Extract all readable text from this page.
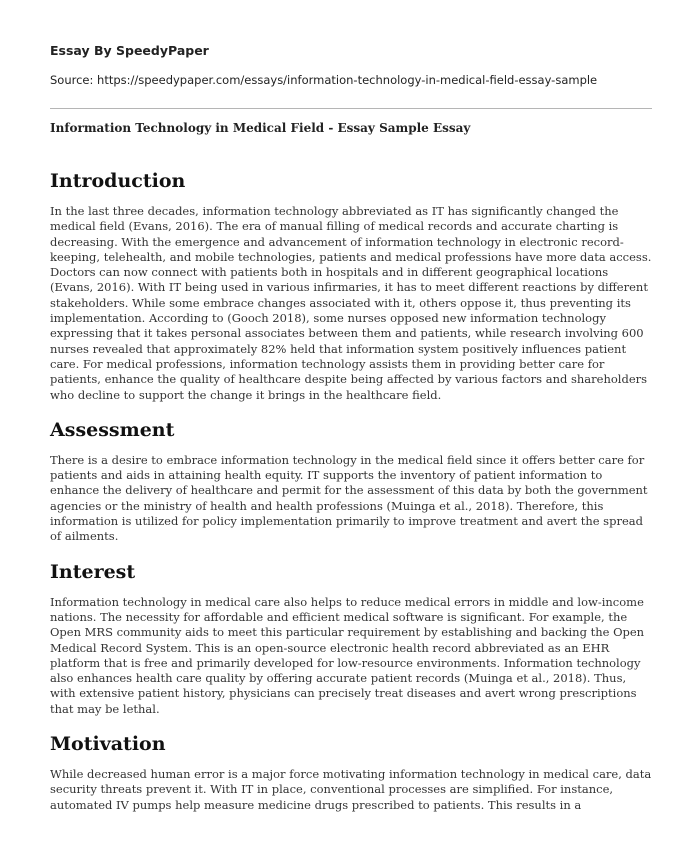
Essay By SpeedyPaper
Source: https://speedypaper.com/essays/information-technology-in-medical-field-essay-sample
Information Technology in Medical Field - Essay Sample Essay
Introduction

In the last three decades, information technology abbreviated as IT has significantly changed the medical field (Evans, 2016). The era of manual filling of medical records and accurate charting is decreasing. With the emergence and advancement of information technology in electronic record-keeping, telehealth, and mobile technologies, patients and medical professions have more data access. Doctors can now connect with patients both in hospitals and in different geographical locations (Evans, 2016). With IT being used in various infirmaries, it has to meet different reactions by different stakeholders. While some embrace changes associated with it, others oppose it, thus preventing its implementation. According to (Gooch 2018), some nurses opposed new information technology expressing that it takes personal associates between them and patients, while research involving 600 nurses revealed that approximately 82% held that information system positively influences patient care. For medical professions, information technology assists them in providing better care for patients, enhance the quality of healthcare despite being affected by various factors and shareholders who decline to support the change it brings in the healthcare field.

Assessment

There is a desire to embrace information technology in the medical field since it offers better care for patients and aids in attaining health equity. IT supports the inventory of patient information to enhance the delivery of healthcare and permit for the assessment of this data by both the government agencies or the ministry of health and health professions (Muinga et al., 2018). Therefore, this information is utilized for policy implementation primarily to improve treatment and avert the spread of ailments.

Interest

Information technology in medical care also helps to reduce medical errors in middle and low-income nations. The necessity for affordable and efficient medical software is significant. For example, the Open MRS community aids to meet this particular requirement by establishing and backing the Open Medical Record System. This is an open-source electronic health record abbreviated as an EHR platform that is free and primarily developed for low-resource environments. Information technology also enhances health care quality by offering accurate patient records (Muinga et al., 2018). Thus, with extensive patient history, physicians can precisely treat diseases and avert wrong prescriptions that may be lethal.

Motivation

While decreased human error is a major force motivating information technology in medical care, data security threats prevent it. With IT in place, conventional processes are simplified. For instance, automated IV pumps help measure medicine drugs prescribed to patients. This results in a
